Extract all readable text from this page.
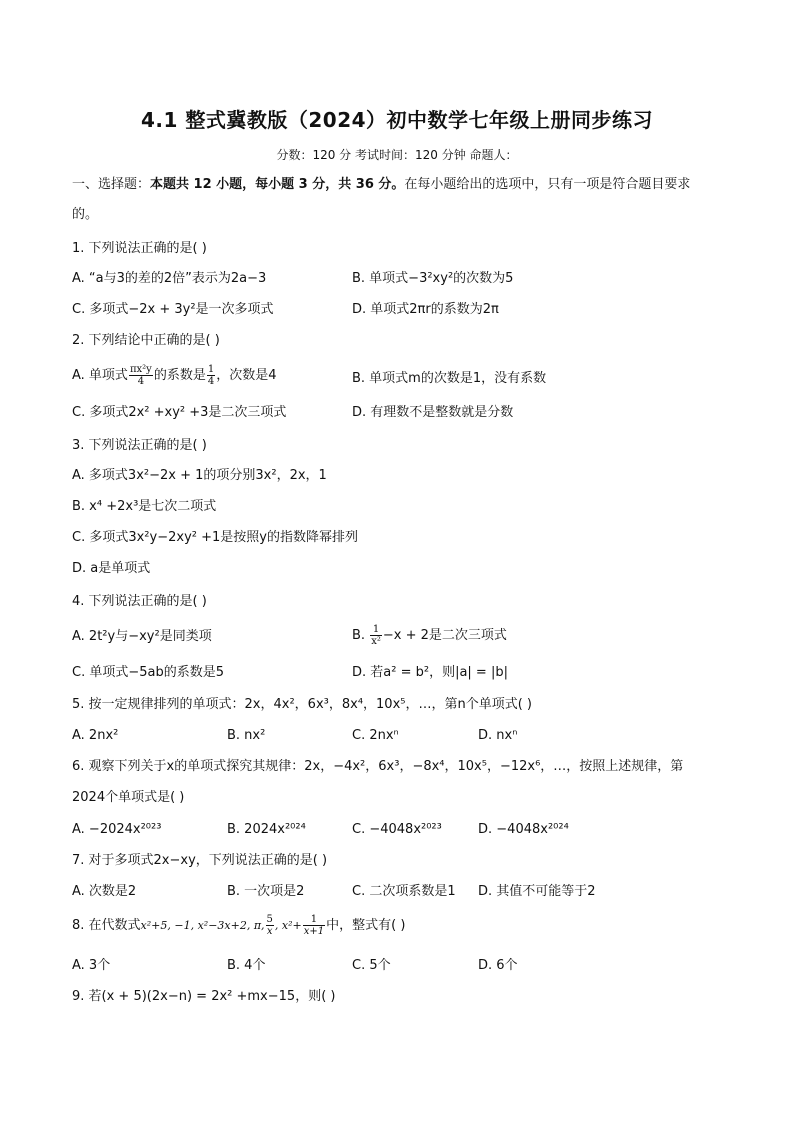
4.1 整式冀教版（2024）初中数学七年级上册同步练习
分数：120 分 考试时间：120 分钟 命题人：
一、选择题：本题共 12 小题，每小题 3 分，共 36 分。在每小题给出的选项中，只有一项是符合题目要求
的。
1. 下列说法正确的是( )
A. “a与3的差的2倍”表示为2a−3	B. 单项式−3²xy²的次数为5
C. 多项式−2x + 3y²是一次多项式	D. 单项式2πr的系数为2π
2. 下列结论中正确的是( )
A. 单项式 $\frac{\text{πx²y}}{4}$ 的系数是 $\frac{1}{4}$ ，次数是4	B. 单项式m的次数是1，没有系数
C. 多项式2x² +xy² +3是二次三项式	D. 有理数不是整数就是分数
3. 下列说法正确的是( )
A. 多项式3x²−2x + 1的项分别3x²，2x，1
B. x⁴ +2x³是七次二项式
C. 多项式3x²y−2xy² +1是按照y的指数降幂排列
D. a是单项式
4. 下列说法正确的是( )
A. 2t²y与−xy²是同类项	B. $\frac{1}{\text{x²}} -x + 2$是二次三项式
C. 单项式−5ab的系数是5	D. 若a² = b²，则|a| = |b|
5. 按一定规律排列的单项式：2x，4x²，6x³，8x⁴，10x⁵，…，第n个单项式( )
A. 2nx²	B. nx²	C. 2nxⁿ	D. nxⁿ
6. 观察下列关于x的单项式探究其规律：2x，−4x²，6x³，−8x⁴，10x⁵，−12x⁶，…，按照上述规律，第
2024个单项式是( )
A. −2024x²⁰²³	B. 2024x²⁰²⁴	C. −4048x²⁰²³	D. −4048x²⁰²⁴
7. 对于多项式2x−xy，下列说法正确的是( )
A. 次数是2	B. 一次项是2	C. 二次项系数是1 D. 其值不可能等于2
8. 在代数式x²+5, −1, x²−3x+2, π, $\frac{5}{x}$ , $x^2+ \frac{1}{x+1}$ 中，整式有( )
A. 3个	B. 4个	C. 5个	D. 6个
9. 若(x + 5)(2x−n) = 2x² +mx−15，则( )
